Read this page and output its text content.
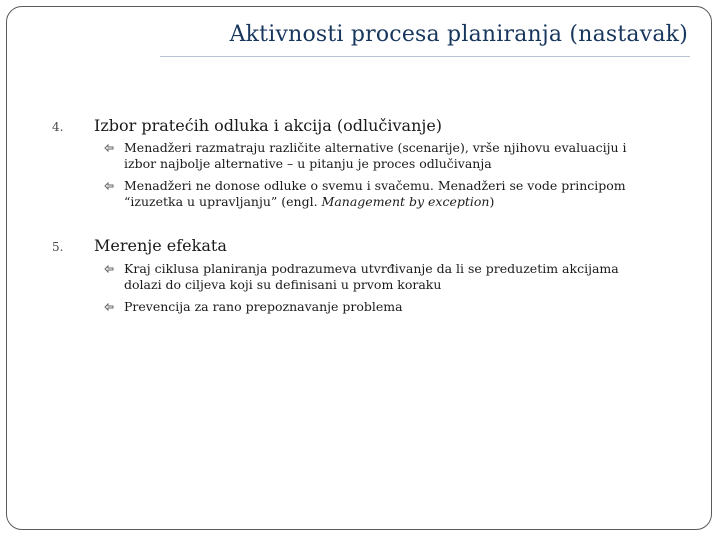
Aktivnosti procesa planiranja (nastavak)
4. Izbor pratećih odluka i akcija (odlučivanje)
Menadžeri razmatraju različite alternative (scenarije), vrše njihovu evaluaciju i
izbor najbolje alternative – u pitanju je proces odlučivanja
Menadžeri ne donose odluke o svemu i svačemu. Menadžeri se vode principom
“izuzetka u upravljanju” (engl. Management by exception)
5. Merenje efekata
Kraj ciklusa planiranja podrazumeva utvrđivanje da li se preduzetim akcijama
dolazi do ciljeva koji su definisani u prvom koraku
Prevencija za rano prepoznavanje problema
